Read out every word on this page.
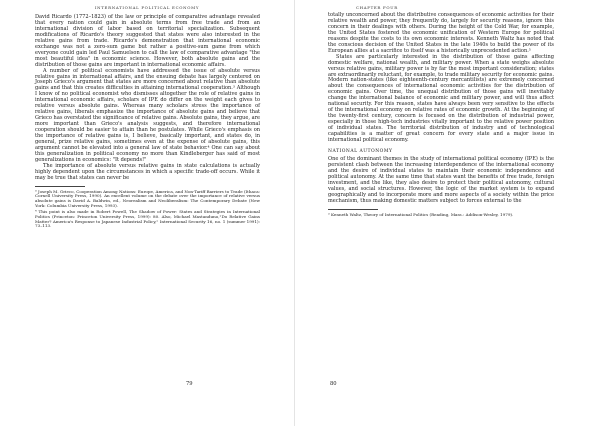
INTERNATIONAL POLITICAL ECONOMY

David Ricardo (1772–1823) of the law or principle of comparative advantage revealed that every nation could gain in absolute terms from free trade and from an international division of labor based on territorial specialization. Subsequent modifications of Ricardo's theory suggested that states were also interested in the relative gains from trade. Ricardo's demonstration that international economic exchange was not a zero-sum game but rather a positive-sum game from which everyone could gain led Paul Samuelson to call the law of comparative advantage "the most beautiful idea" in economic science. However, both absolute gains and the distribution of those gains are important in international economic affairs.

A number of political economists have addressed the issue of absolute versus relative gains in international affairs, and the ensuing debate has largely centered on Joseph Grieco's argument that states are more concerned about relative than absolute gains and that this creates difficulties in attaining international cooperation.³ Although I know of no political economist who dismisses altogether the role of relative gains in international economic affairs, scholars of IPE do differ on the weight each gives to relative versus absolute gains. Whereas many scholars stress the importance of relative gains, liberals emphasize the importance of absolute gains and believe that Grieco has overstated the significance of relative gains. Absolute gains, they argue, are more important than Grieco's analysis suggests, and therefore international cooperation should be easier to attain than he postulates. While Grieco's emphasis on the importance of relative gains is, I believe, basically important, and states do, in general, prize relative gains, sometimes even at the expense of absolute gains, this argument cannot be elevated into a general law of state behavior.⁴ One can say about this generalization in political economy no more than Kindleberger has said of most generalizations in economics: "It depends!"

The importance of absolute versus relative gains in state calculations is actually highly dependent upon the circumstances in which a specific trade-off occurs. While it may be true that states can never be

³ Joseph M. Grieco, Cooperation Among Nations: Europe, America, and Non-Tariff Barriers to Trade (Ithaca: Cornell University Press, 1990). An excellent volume on the debate over the importance of relative versus absolute gains is David A. Baldwin, ed., Neorealism and Neoliberalism: The Contemporary Debate (New York: Columbia University Press, 1993).

⁴ This point is also made in Robert Powell, The Shadow of Power: States and Strategies in International Politics (Princeton: Princeton University Press, 1999): 80. Also, Michael Mastanduno,"Do Relative Gains Matter? America's Response to Japanese Industrial Policy," International Security 16, no. 1 (summer 1991): 73–113.

79
CHAPTER FOUR

totally unconcerned about the distributive consequences of economic activities for their relative wealth and power, they frequently do, largely for security reasons, ignore this concern in their dealings with others. During the height of the Cold War, for example, the United States fostered the economic unification of Western Europe for political reasons despite the costs to its own economic interests. Kenneth Waltz has noted that the conscious decision of the United States in the late 1940s to build the power of its European allies at a sacrifice to itself was a historically unprecedented action.⁵

States are particularly interested in the distribution of those gains affecting domestic welfare, national wealth, and military power. When a state weighs absolute versus relative gains, military power is by far the most important consideration; states are extraordinarily reluctant, for example, to trade military security for economic gains. Modern nation-states (like eighteenth-century mercantilists) are extremely concerned about the consequences of international economic activities for the distribution of economic gains. Over time, the unequal distribution of those gains will inevitably change the international balance of economic and military power, and will thus affect national security. For this reason, states have always been very sensitive to the effects of the international economy on relative rates of economic growth. At the beginning of the twenty-first century, concern is focused on the distribution of industrial power, especially in those high-tech industries vitally important to the relative power position of individual states. The territorial distribution of industry and of technological capabilities is a matter of great concern for every state and a major issue in international political economy.

NATIONAL AUTONOMY

One of the dominant themes in the study of international political economy (IPE) is the persistent clash between the increasing interdependence of the international economy and the desire of individual states to maintain their economic independence and political autonomy. At the same time that states want the benefits of free trade, foreign investment, and the like, they also desire to protect their political autonomy, cultural values, and social structures. However, the logic of the market system is to expand geographically and to incorporate more and more aspects of a society within the price mechanism, thus making domestic matters subject to forces external to the

⁵ Kenneth Waltz, Theory of International Politics (Reading, Mass.: Addison-Wesley, 1979).

80
